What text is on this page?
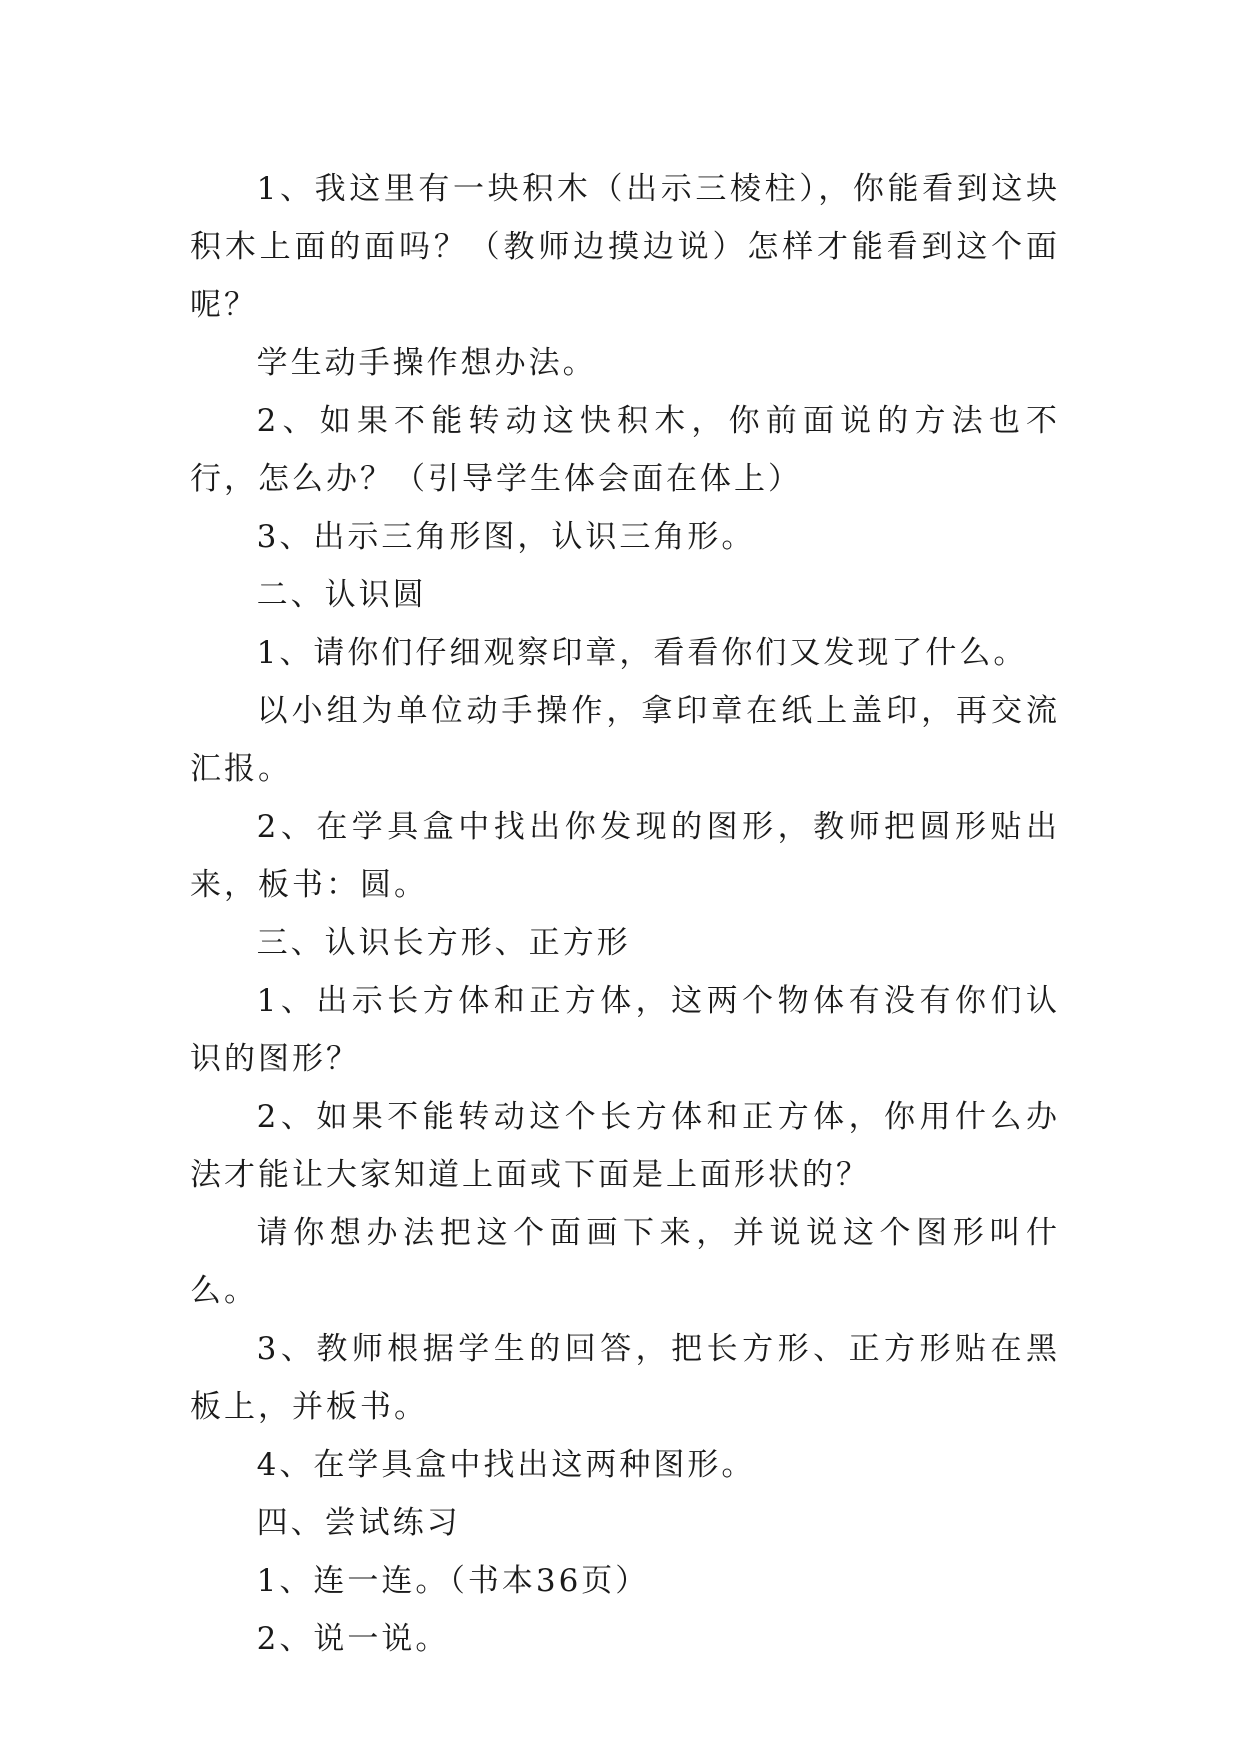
1、我这里有一块积木（出示三棱柱），你能看到这块积木上面的面吗？（教师边摸边说）怎样才能看到这个面呢？

学生动手操作想办法。

2、如果不能转动这快积木，你前面说的方法也不行，怎么办？（引导学生体会面在体上）

3、出示三角形图，认识三角形。

二、认识圆

1、请你们仔细观察印章，看看你们又发现了什么。

以小组为单位动手操作，拿印章在纸上盖印，再交流汇报。

2、在学具盒中找出你发现的图形，教师把圆形贴出来，板书：圆。

三、认识长方形、正方形

1、出示长方体和正方体，这两个物体有没有你们认识的图形？

2、如果不能转动这个长方体和正方体，你用什么办法才能让大家知道上面或下面是上面形状的？

请你想办法把这个面画下来，并说说这个图形叫什么。

3、教师根据学生的回答，把长方形、正方形贴在黑板上，并板书。

4、在学具盒中找出这两种图形。

四、尝试练习

1、连一连。（书本36页）

2、说一说。
